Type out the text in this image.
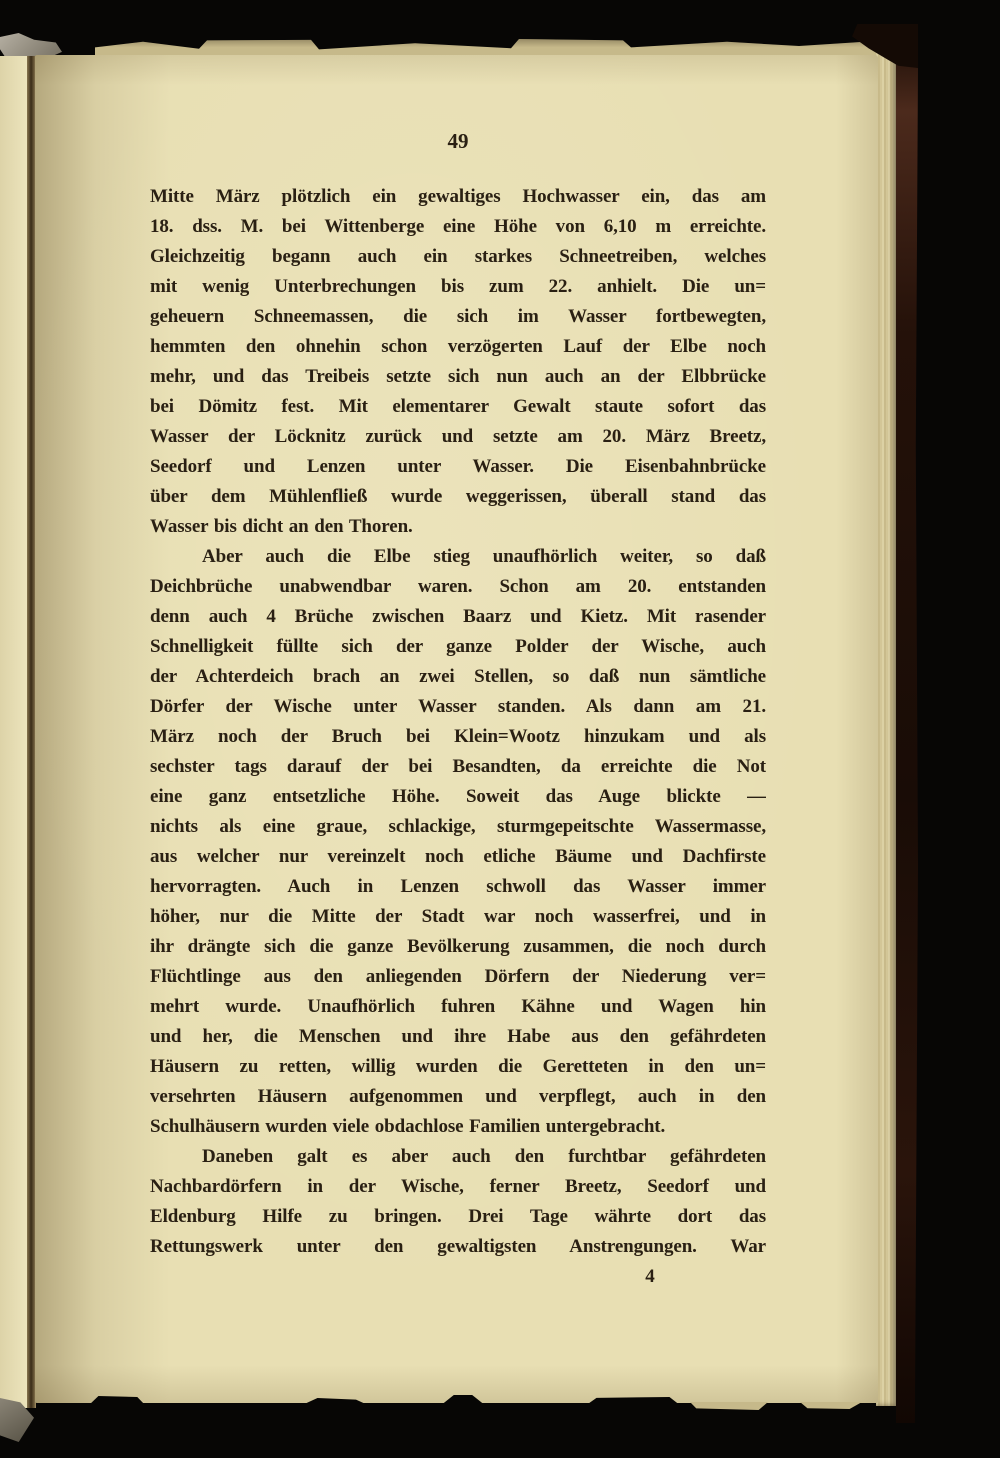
49
Mitte März plötzlich ein gewaltiges Hochwasser ein, das am
18. dss. M. bei Wittenberge eine Höhe von 6,10 m erreichte.
Gleichzeitig begann auch ein starkes Schneetreiben, welches
mit wenig Unterbrechungen bis zum 22. anhielt. Die un=
geheuern Schneemassen, die sich im Wasser fortbewegten,
hemmten den ohnehin schon verzögerten Lauf der Elbe noch
mehr, und das Treibeis setzte sich nun auch an der Elbbrücke
bei Dömitz fest. Mit elementarer Gewalt staute sofort das
Wasser der Löcknitz zurück und setzte am 20. März Breetz,
Seedorf und Lenzen unter Wasser. Die Eisenbahnbrücke
über dem Mühlenfließ wurde weggerissen, überall stand das
Wasser bis dicht an den Thoren.
Aber auch die Elbe stieg unaufhörlich weiter, so daß
Deichbrüche unabwendbar waren. Schon am 20. entstanden
denn auch 4 Brüche zwischen Baarz und Kietz. Mit rasender
Schnelligkeit füllte sich der ganze Polder der Wische, auch
der Achterdeich brach an zwei Stellen, so daß nun sämtliche
Dörfer der Wische unter Wasser standen. Als dann am 21.
März noch der Bruch bei Klein=Wootz hinzukam und als
sechster tags darauf der bei Besandten, da erreichte die Not
eine ganz entsetzliche Höhe. Soweit das Auge blickte —
nichts als eine graue, schlackige, sturmgepeitschte Wassermasse,
aus welcher nur vereinzelt noch etliche Bäume und Dachfirste
hervorragten. Auch in Lenzen schwoll das Wasser immer
höher, nur die Mitte der Stadt war noch wasserfrei, und in
ihr drängte sich die ganze Bevölkerung zusammen, die noch durch
Flüchtlinge aus den anliegenden Dörfern der Niederung ver=
mehrt wurde. Unaufhörlich fuhren Kähne und Wagen hin
und her, die Menschen und ihre Habe aus den gefährdeten
Häusern zu retten, willig wurden die Geretteten in den un=
versehrten Häusern aufgenommen und verpflegt, auch in den
Schulhäusern wurden viele obdachlose Familien untergebracht.
Daneben galt es aber auch den furchtbar gefährdeten
Nachbardörfern in der Wische, ferner Breetz, Seedorf und
Eldenburg Hilfe zu bringen. Drei Tage währte dort das
Rettungswerk unter den gewaltigsten Anstrengungen. War
4
